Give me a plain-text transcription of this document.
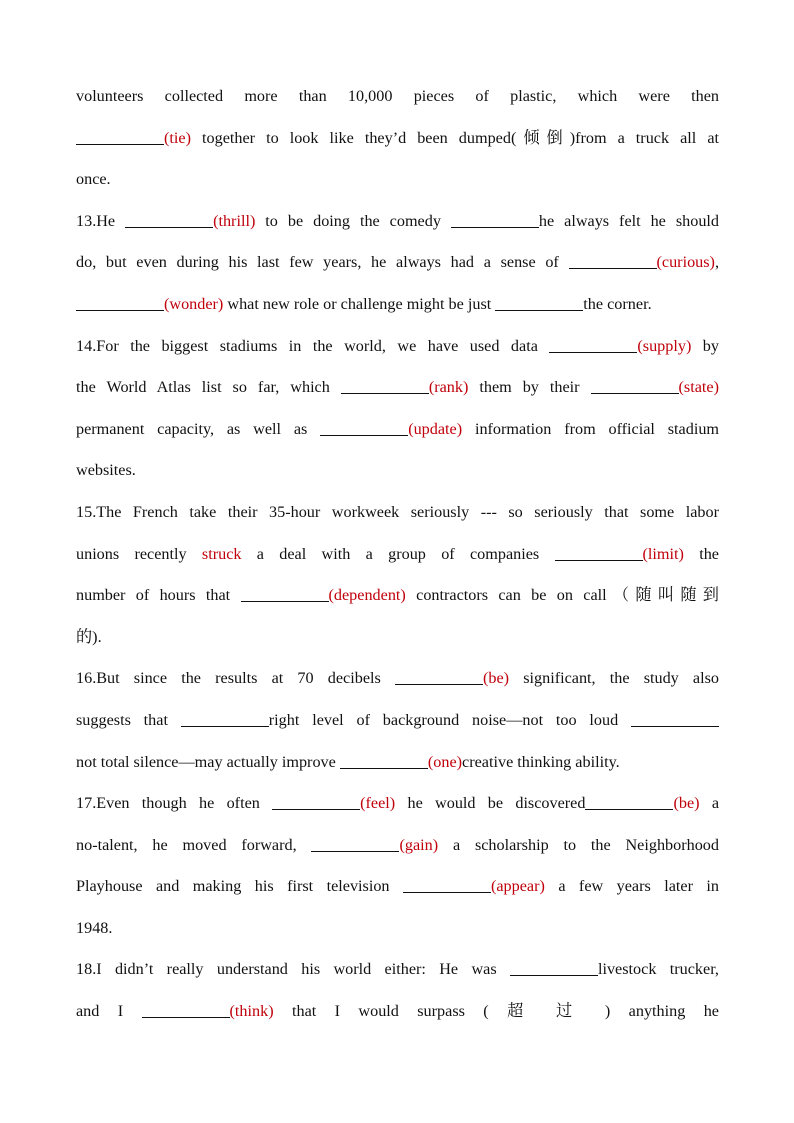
volunteers collected more than 10,000 pieces of plastic, which were then
(tie) together to look like they’d been dumped(倾倒)from a truck all at
once.
13.He	(thrill) to be doing the comedy	he always felt he should
do, but even during his last few years, he always had a sense of	(curious),
(wonder) what new role or challenge might be just	the corner.
14.For the biggest stadiums in the world, we have used data	(supply) by
the World Atlas list so far, which	(rank) them by their	(state)
permanent capacity, as well as	(update) information from official stadium
websites.
15.The French take their 35-hour workweek seriously --- so seriously that some labor
unions recently struck a deal with a group of companies	(limit) the
number of hours that	(dependent) contractors can be on call（随叫随到
的).
16.But since the results at 70 decibels	(be) significant, the study also
suggests that	right level of background noise—not too loud
not total silence—may actually improve	(one)creative thinking ability.
17.Even though he often	(feel) he would be discovered	(be) a
no-talent, he moved forward,	(gain) a scholarship to the Neighborhood
Playhouse and making his first television	(appear) a few years later in
1948.
18.I didn’t really understand his world either: He was	livestock trucker,
and I	(think) that I would surpass ( 超 过 ) anything he
